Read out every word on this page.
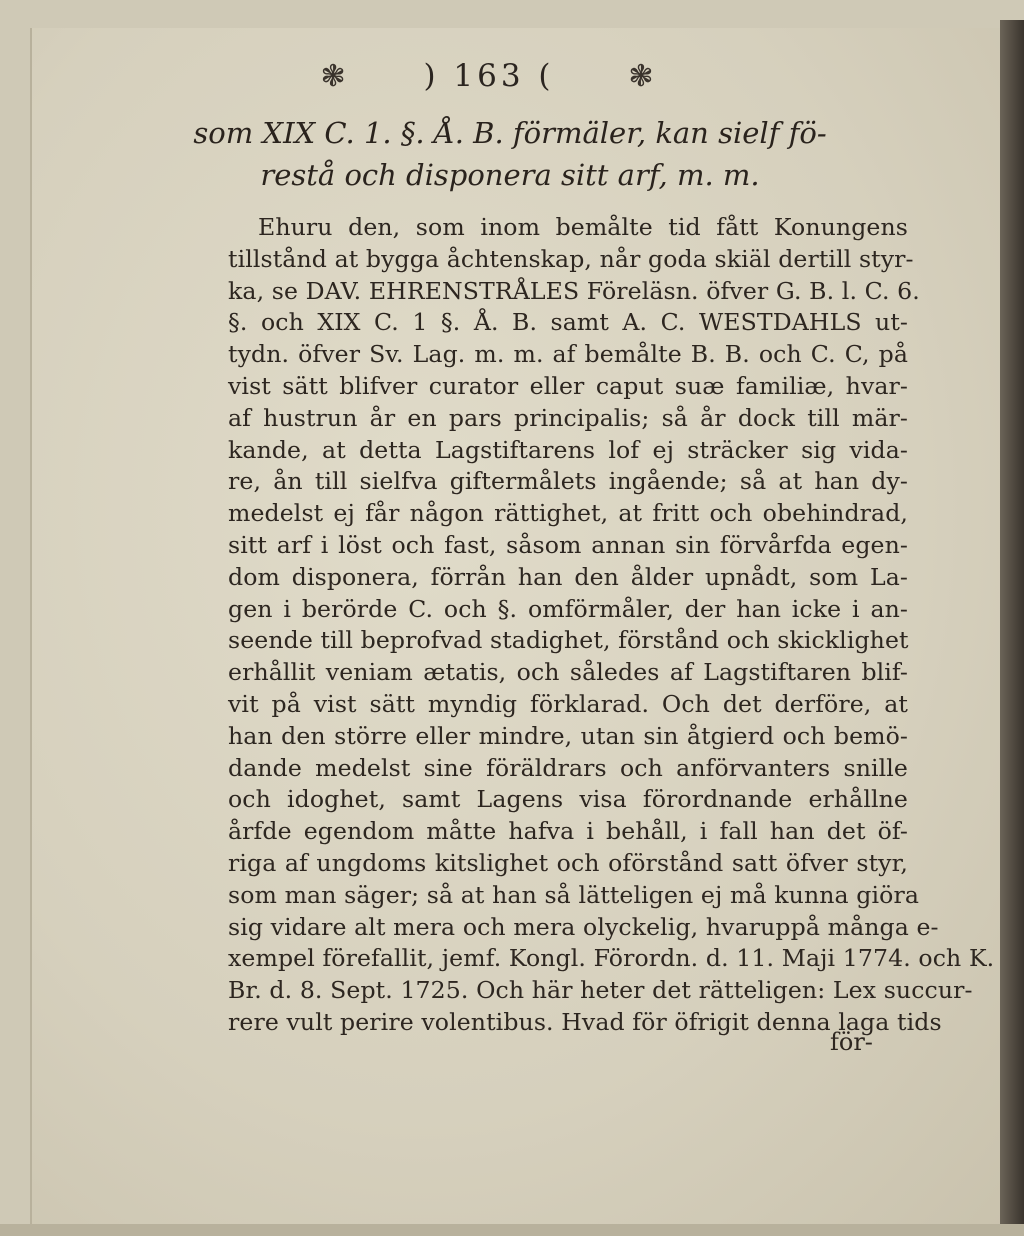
❃ ) 163 ( ❃
som XIX C. 1. §. Å. B. förmäler, kan sielf fö-
restå och disponera sitt arf, m. m.
Ehuru den, som inom bemålte tid fått Konungens
tillstånd at bygga åchtenskap, når goda skiäl dertill styr-
ka, se DAV. EHRENSTRÅLES Föreläsn. öfver G. B. l. C. 6.
§. och XIX C. 1 §. Å. B. samt A. C. WESTDAHLS ut-
tydn. öfver Sv. Lag. m. m. af bemålte B. B. och C. C, på
vist sätt blifver curator eller caput suæ familiæ, hvar-
af hustrun år en pars principalis; så år dock till mär-
kande, at detta Lagstiftarens lof ej sträcker sig vida-
re, ån till sielfva giftermålets ingående; så at han dy-
medelst ej får någon rättighet, at fritt och obehindrad,
sitt arf i löst och fast, såsom annan sin förvårfda egen-
dom disponera, förrån han den ålder upnådt, som La-
gen i berörde C. och §. omförmåler, der han icke i an-
seende till beprofvad stadighet, förstånd och skicklighet
erhållit veniam ætatis, och således af Lagstiftaren blif-
vit på vist sätt myndig förklarad. Och det derföre, at
han den större eller mindre, utan sin åtgierd och bemö-
dande medelst sine föräldrars och anförvanters snille
och idoghet, samt Lagens visa förordnande erhållne
årfde egendom måtte hafva i behåll, i fall han det öf-
riga af ungdoms kitslighet och oförstånd satt öfver styr,
som man säger; så at han så lätteligen ej må kunna giöra
sig vidare alt mera och mera olyckelig, hvaruppå många e-
xempel förefallit, jemf. Kongl. Förordn. d. 11. Maji 1774. och K.
Br. d. 8. Sept. 1725. Och här heter det rätteligen: Lex succur-
rere vult perire volentibus. Hvad för öfrigit denna laga tids
för-
